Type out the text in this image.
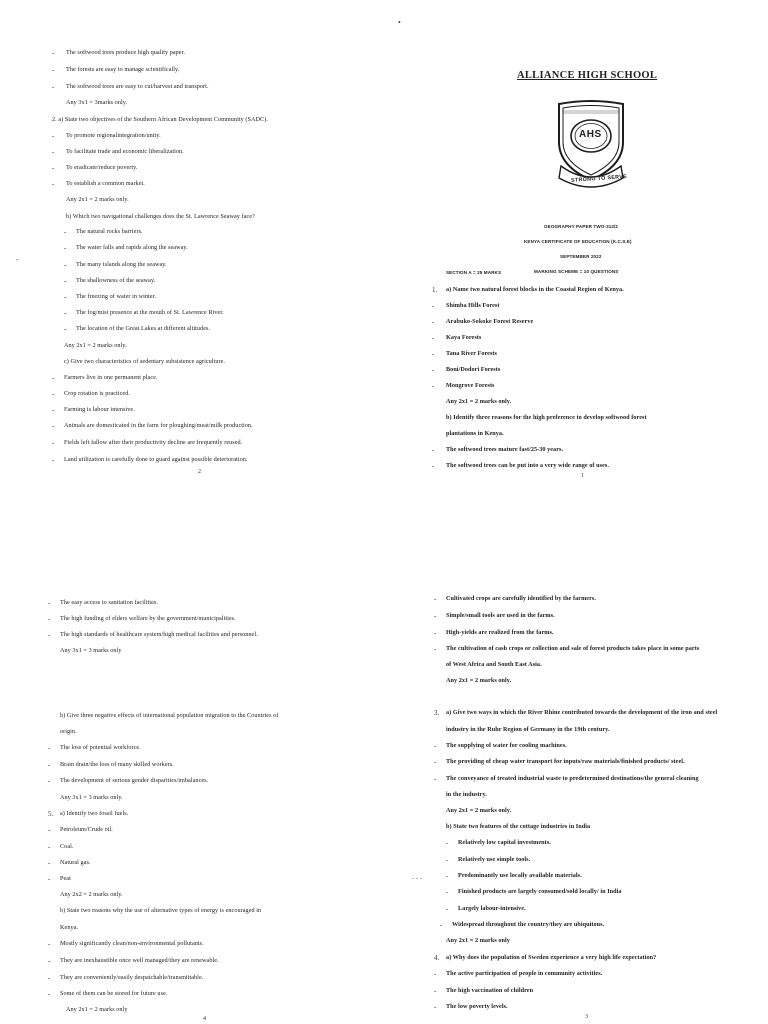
- The softwood trees produce high quality paper.
- The forests are easy to manage scientifically.
- The softwood trees are easy to cut/harvest and transport.
Any 3x1 = 3marks only.
2. a) State two objectives of the Southern African Development Community (SADC).
- To promote regionalintegration/unity.
- To facilitate trade and economic liberalization.
- To eradicate/reduce poverty.
- To establish a common market.
Any 2x1 = 2 marks only.
b) Which two navigational challenges does the St. Lawrence Seaway face?
- The natural rocks barriers.
- The water falls and rapids along the seaway.
- The many islands along the seaway.
- The shallowness of the seaway.
- The freezing of water in winter.
- The fog/mist presence at the mouth of St. Lawrence River.
- The location of the Great Lakes at different altitudes.
Any 2x1 = 2 marks only.
c) Give two characteristics of sedentary subsistence agriculture.
- Farmers live in one permanent place.
- Crop rotation is practiced.
- Farming is labour intensive.
- Animals are domesticated in the farm for ploughing/meat/milk production.
- Fields left fallow after their productivity decline are frequently reused.
- Land utilization is carefully done to guard against possible deterioration.
2
-
ALLIANCE HIGH SCHOOL
AHS
STRONG TO SERVE
GEOGRAPHY PAPER TWO-312/2
KENYA CERTIFICATE OF EDUCATION (K.C.S.E)
SEPTEMBER 2022
MARKING SCHEME = 10 QUESTIONS
SECTION A = 25 MARKS
1. a) Name two natural forest blocks in the Coastal Region of Kenya.
- Shimba Hills Forest
- Arabuko-Sokoke Forest Reserve
- Kaya Forests
- Tana River Forests
- Boni/Dodori Forests
- Mongrove Forests
Any 2x1 = 2 marks only.
b) Identify three reasons for the high preference to develop softwood forest
plantations in Kenya.
- The softwood trees mature fast/25-30 years.
- The softwood trees can be put into a very wide range of uses.
1
•
- The easy access to sanitation facilities.
- The high funding of elders welfare by the government/municipalities.
- The high standards of healthcare system/high medical facilities and personnel.
Any 3x1 = 3 marks only
b) Give three negative effects of international population migration to the Countries of
origin.
- The loss of potential workforce.
- Brain drain/the loss of many skilled workers.
- The development of serious gender disparities/imbalances.
Any 3x1 = 3 marks only.
5. a) Identify two fossil fuels.
- Petroleum/Crude oil.
- Coal.
- Natural gas.
- Peat
Any 2x2 = 2 marks only.
b) State two reasons why the use of alternative types of energy is encouraged in
Kenya.
- Mostly significantly clean/non-environmental pollutants.
- They are inexhaustible once well managed/they are renewable.
- They are conveniently/easily despatchable/transmittable.
- Some of them can be stored for future use.
Any 2x1 = 2 marks only
4
- Cultivated crops are carefully identified by the farmers.
- Simple/small tools are used in the farms.
- High-yields are realized from the farms.
- The cultivation of cash crops or collection and sale of forest products takes place in some parts
of West Africa and South East Asia.
Any 2x1 = 2 marks only.
3. a) Give two ways in which the River Rhine contributed towards the development of the iron and steel
industry in the Ruhr Region of Germany in the 19th century.
- The supplying of water for cooling machines.
- The providing of cheap water transport for inputs/raw materials/finished products/ steel.
- The conveyance of treated industrial waste to predetermined destinations/the general cleaning
in the industry.
Any 2x1 = 2 marks only.
b) State two features of the cottage industries in India
- Relatively low capital investments.
- Relatively use simple tools.
- Predominantly use locally available materials.
- Finished products are largely consumed/sold locally/ in India
- Largely labour-intensive.
- Widespread throughout the country/they are ubiquitous.
Any 2x1 = 2 marks only
4. a) Why does the population of Sweden experience a very high life expectation?
- The active participation of people in community activities.
- The high vaccination of children
- The low poverty levels.
3
. . .
